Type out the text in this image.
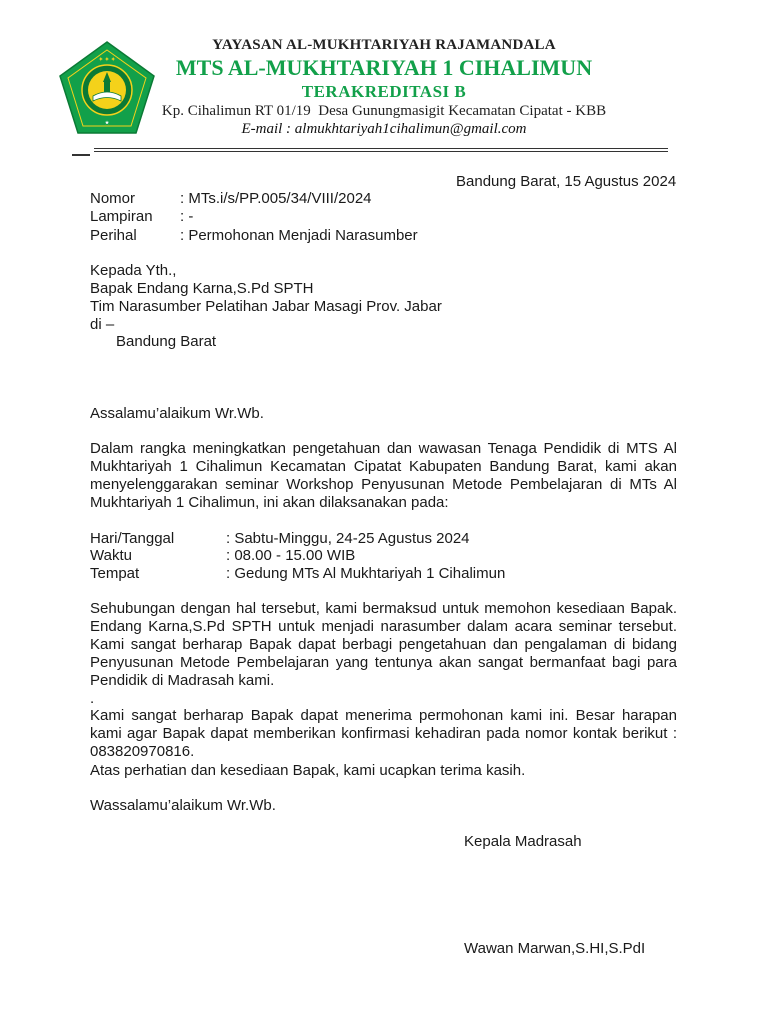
✦ ✦ ✦
★
YAYASAN AL-MUKHTARIYAH RAJAMANDALA
MTS AL-MUKHTARIYAH 1 CIHALIMUN
TERAKREDITASI B
Kp. Cihalimun RT 01/19  Desa Gunungmasigit Kecamatan Cipatat - KBB
E-mail : almukhtariyah1cihalimun@gmail.com
Bandung Barat, 15 Agustus 2024
Nomor	: MTs.i/s/PP.005/34/VIII/2024
Lampiran : -
Perihal	: Permohonan Menjadi Narasumber
Kepada Yth.,
Bapak Endang Karna,S.Pd SPTH
Tim Narasumber Pelatihan Jabar Masagi Prov. Jabar
di –
Bandung Barat
Assalamu’alaikum Wr.Wb.
Dalam rangka meningkatkan pengetahuan dan wawasan Tenaga Pendidik di MTS Al Mukhtariyah 1 Cihalimun Kecamatan Cipatat Kabupaten Bandung Barat, kami akan menyelenggarakan seminar Workshop Penyusunan Metode Pembelajaran di MTs Al Mukhtariyah 1 Cihalimun, ini akan dilaksanakan pada:
Hari/Tanggal	: Sabtu-Minggu, 24-25 Agustus 2024
Waktu	: 08.00 - 15.00 WIB
Tempat	: Gedung MTs Al Mukhtariyah 1 Cihalimun
Sehubungan dengan hal tersebut, kami bermaksud untuk memohon kesediaan Bapak. Endang Karna,S.Pd SPTH untuk menjadi narasumber dalam acara seminar tersebut. Kami sangat berharap Bapak dapat berbagi pengetahuan dan pengalaman di bidang Penyusunan Metode Pembelajaran yang tentunya akan sangat bermanfaat bagi para Pendidik di Madrasah kami.
.
Kami sangat berharap Bapak dapat menerima permohonan kami ini. Besar harapan kami agar Bapak dapat memberikan konfirmasi kehadiran pada nomor kontak berikut : 083820970816.
Atas perhatian dan kesediaan Bapak, kami ucapkan terima kasih.
Wassalamu’alaikum Wr.Wb.
Kepala Madrasah
Wawan Marwan,S.HI,S.PdI
